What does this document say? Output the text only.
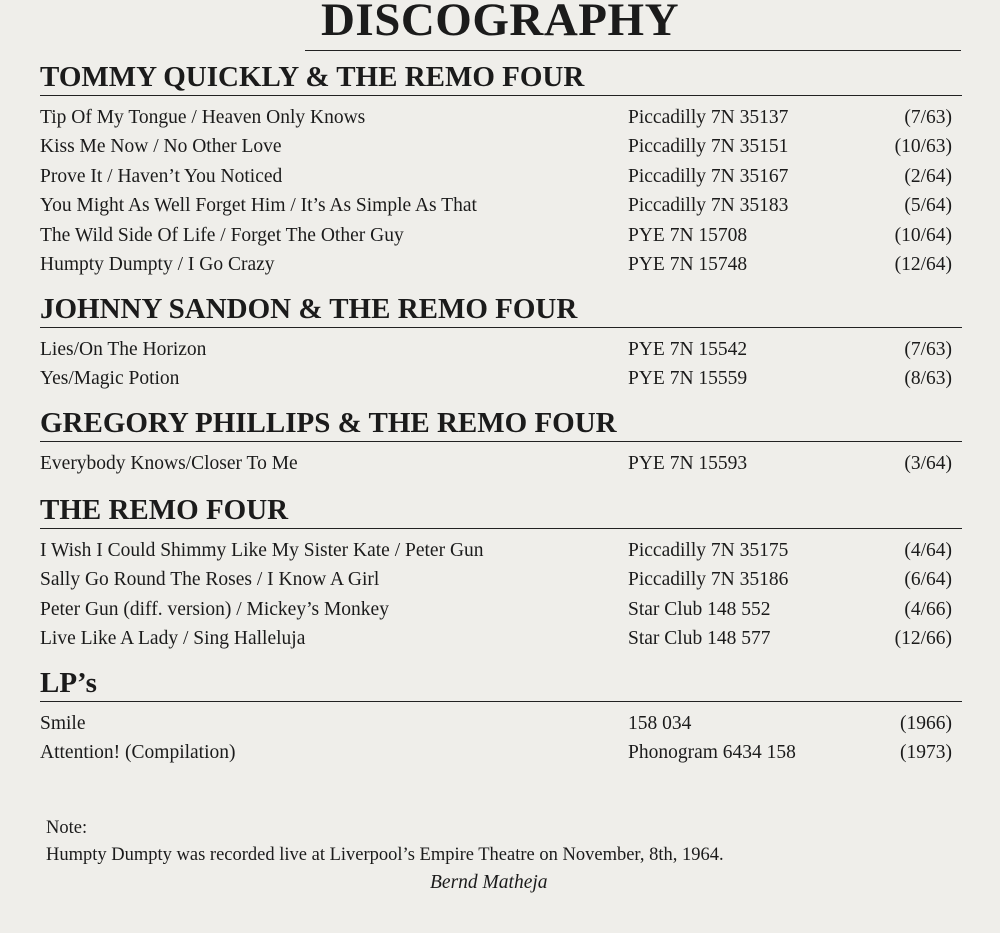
DISCOGRAPHY
TOMMY QUICKLY & THE REMO FOUR
Tip Of My Tongue / Heaven Only Knows	Piccadilly 7N 35137	(7/63)
Kiss Me Now / No Other Love	Piccadilly 7N 35151	(10/63)
Prove It / Haven’t You Noticed	Piccadilly 7N 35167	(2/64)
You Might As Well Forget Him / It’s As Simple As That	Piccadilly 7N 35183	(5/64)
The Wild Side Of Life / Forget The Other Guy	PYE 7N 15708	(10/64)
Humpty Dumpty / I Go Crazy	PYE 7N 15748	(12/64)
JOHNNY SANDON & THE REMO FOUR
Lies/On The Horizon	PYE 7N 15542	(7/63)
Yes/Magic Potion	PYE 7N 15559	(8/63)
GREGORY PHILLIPS & THE REMO FOUR
Everybody Knows/Closer To Me	PYE 7N 15593	(3/64)
THE REMO FOUR
I Wish I Could Shimmy Like My Sister Kate / Peter Gun	Piccadilly 7N 35175	(4/64)
Sally Go Round The Roses / I Know A Girl	Piccadilly 7N 35186	(6/64)
Peter Gun (diff. version) / Mickey’s Monkey	Star Club 148 552	(4/66)
Live Like A Lady / Sing Halleluja	Star Club 148 577	(12/66)
LP’s
Smile	158 034	(1966)
Attention! (Compilation)	Phonogram 6434 158	(1973)
Note:
Humpty Dumpty was recorded live at Liverpool’s Empire Theatre on November, 8th, 1964.
Bernd Matheja
